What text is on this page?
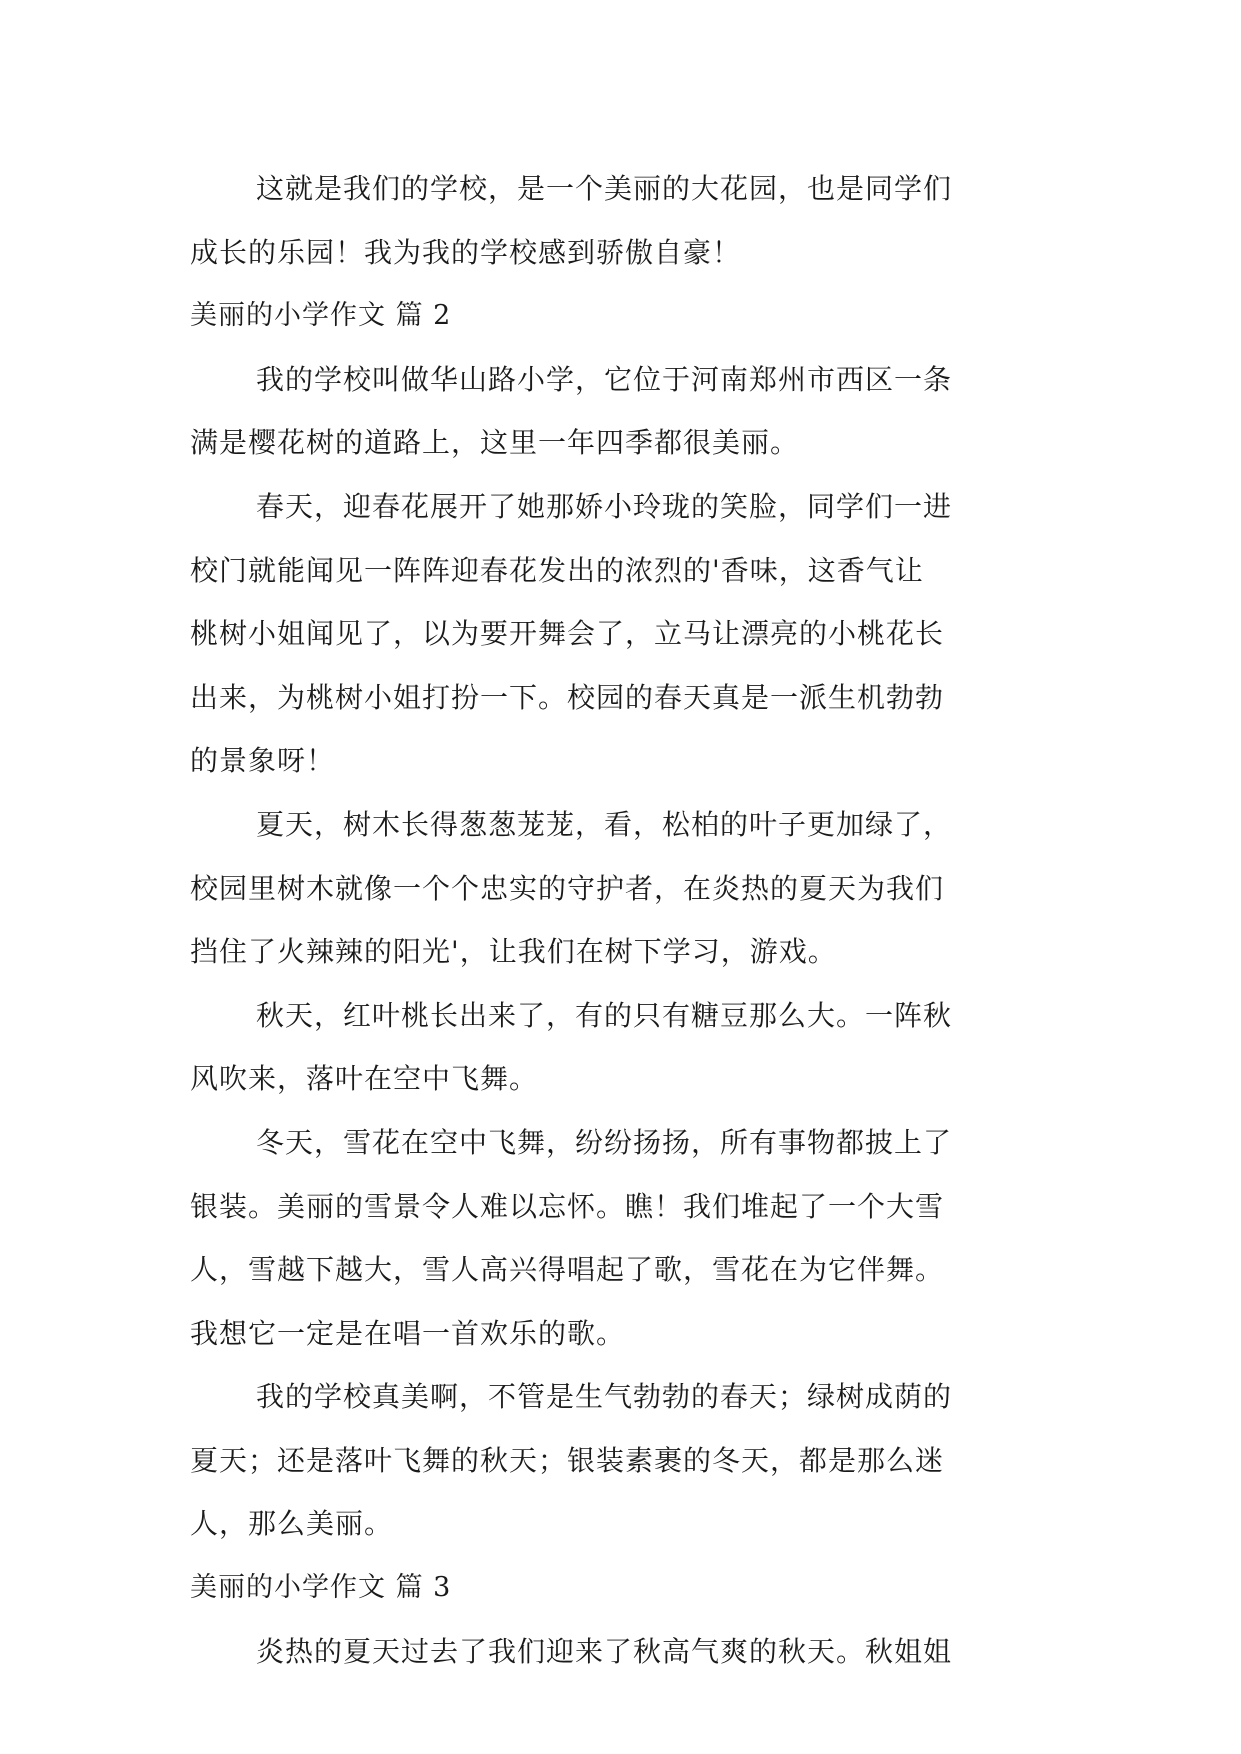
这就是我们的学校，是一个美丽的大花园，也是同学们
成长的乐园！我为我的学校感到骄傲自豪！
美丽的小学作文 篇 2
我的学校叫做华山路小学，它位于河南郑州市西区一条
满是樱花树的道路上，这里一年四季都很美丽。
春天，迎春花展开了她那娇小玲珑的笑脸，同学们一进
校门就能闻见一阵阵迎春花发出的浓烈的'香味，这香气让
桃树小姐闻见了，以为要开舞会了，立马让漂亮的小桃花长
出来，为桃树小姐打扮一下。校园的春天真是一派生机勃勃
的景象呀！
夏天，树木长得葱葱茏茏，看，松柏的叶子更加绿了，
校园里树木就像一个个忠实的守护者，在炎热的夏天为我们
挡住了火辣辣的阳光'，让我们在树下学习，游戏。
秋天，红叶桃长出来了，有的只有糖豆那么大。一阵秋
风吹来，落叶在空中飞舞。
冬天，雪花在空中飞舞，纷纷扬扬，所有事物都披上了
银装。美丽的雪景令人难以忘怀。瞧！我们堆起了一个大雪
人，雪越下越大，雪人高兴得唱起了歌，雪花在为它伴舞。
我想它一定是在唱一首欢乐的歌。
我的学校真美啊，不管是生气勃勃的春天；绿树成荫的
夏天；还是落叶飞舞的秋天；银装素裹的冬天，都是那么迷
人，那么美丽。
美丽的小学作文 篇 3
炎热的夏天过去了我们迎来了秋高气爽的秋天。秋姐姐
